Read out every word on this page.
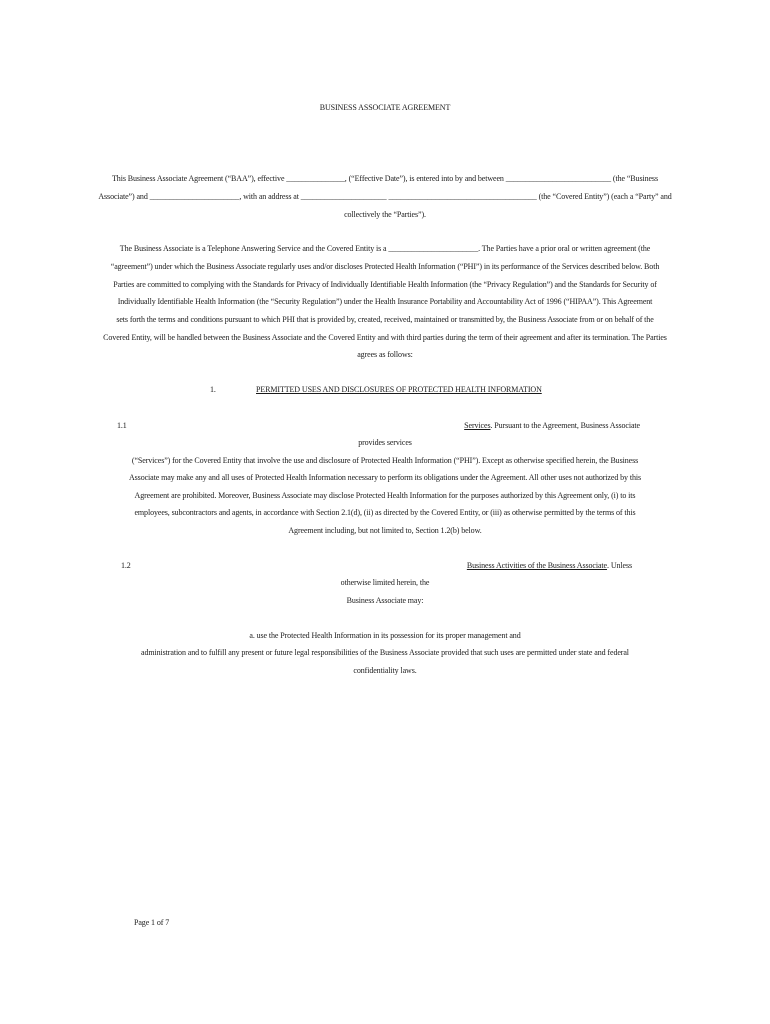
BUSINESS ASSOCIATE AGREEMENT
This Business Associate Agreement (“BAA”), effective _______________, (“Effective Date”), is entered into by and between ___________________________ (the “Business
Associate”) and _______________________, with an address at ______________________ ______________________________________ (the “Covered Entity”) (each a “Party” and
collectively the “Parties”).
The Business Associate is a Telephone Answering Service and the Covered Entity is a _______________________. The Parties have a prior oral or written agreement (the
“agreement”) under which the Business Associate regularly uses and/or discloses Protected Health Information (“PHI”) in its performance of the Services described below. Both
Parties are committed to complying with the Standards for Privacy of Individually Identifiable Health Information (the “Privacy Regulation”) and the Standards for Security of
Individually Identifiable Health Information (the “Security Regulation”) under the Health Insurance Portability and Accountability Act of 1996 (“HIPAA”). This Agreement
sets forth the terms and conditions pursuant to which PHI that is provided by, created, received, maintained or transmitted by, the Business Associate from or on behalf of the
Covered Entity, will be handled between the Business Associate and the Covered Entity and with third parties during the term of their agreement and after its termination. The Parties
agrees as follows:
1.	PERMITTED USES AND DISCLOSURES OF PROTECTED HEALTH INFORMATION
1.1	Services. Pursuant to the Agreement, Business Associate
provides services
(“Services”) for the Covered Entity that involve the use and disclosure of Protected Health Information (“PHI”). Except as otherwise specified herein, the Business
Associate may make any and all uses of Protected Health Information necessary to perform its obligations under the Agreement. All other uses not authorized by this
Agreement are prohibited. Moreover, Business Associate may disclose Protected Health Information for the purposes authorized by this Agreement only, (i) to its
employees, subcontractors and agents, in accordance with Section 2.1(d), (ii) as directed by the Covered Entity, or (iii) as otherwise permitted by the terms of this
Agreement including, but not limited to, Section 1.2(b) below.
1.2	Business Activities of the Business Associate. Unless
otherwise limited herein, the
Business Associate may:
a. use the Protected Health Information in its possession for its proper management and
administration and to fulfill any present or future legal responsibilities of the Business Associate provided that such uses are permitted under state and federal
confidentiality laws.
Page 1 of 7
